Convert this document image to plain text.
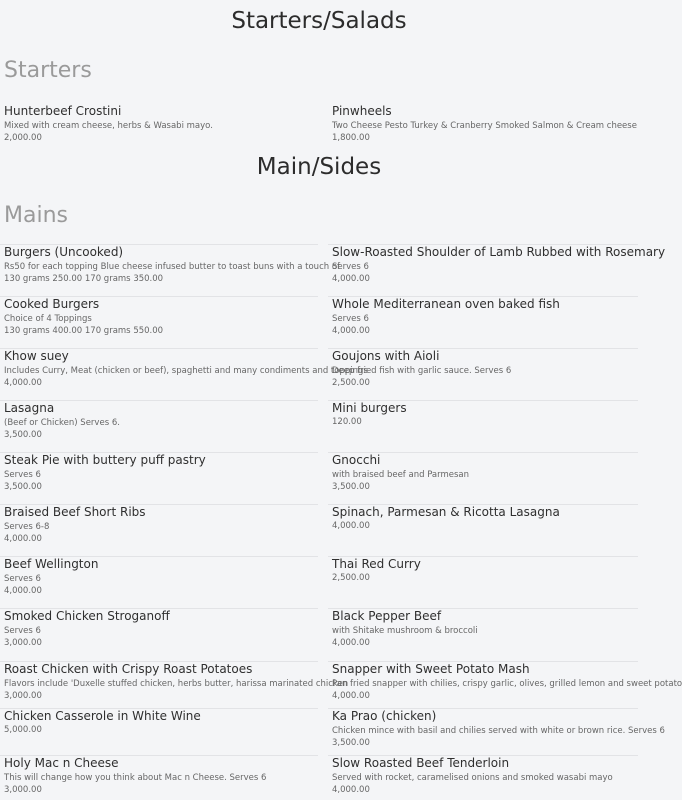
Starters/Salads
Starters
Hunterbeef Crostini
Mixed with cream cheese, herbs & Wasabi mayo.
2,000.00
Pinwheels
Two Cheese Pesto Turkey & Cranberry Smoked Salmon & Cream cheese
1,800.00
Main/Sides
Mains
Burgers (Uncooked)
Rs50 for each topping Blue cheese infused butter to toast buns with a touch of
130 grams 250.00 170 grams 350.00
Cooked Burgers
Choice of 4 Toppings
130 grams 400.00 170 grams 550.00
Khow suey
Includes Curry, Meat (chicken or beef), spaghetti and many condiments and toppings
4,000.00
Lasagna
(Beef or Chicken) Serves 6.
3,500.00
Steak Pie with buttery puff pastry
Serves 6
3,500.00
Braised Beef Short Ribs
Serves 6-8
4,000.00
Beef Wellington
Serves 6
4,000.00
Smoked Chicken Stroganoff
Serves 6
3,000.00
Roast Chicken with Crispy Roast Potatoes
Flavors include 'Duxelle stuffed chicken, herbs butter, harissa marinated chicken
3,000.00
Chicken Casserole in White Wine
5,000.00
Holy Mac n Cheese
This will change how you think about Mac n Cheese. Serves 6
3,000.00
Slow-Roasted Shoulder of Lamb Rubbed with Rosemary
Serves 6
4,000.00
Whole Mediterranean oven baked fish
Serves 6
4,000.00
Goujons with Aioli
Deep fried fish with garlic sauce. Serves 6
2,500.00
Mini burgers
120.00
Gnocchi
with braised beef and Parmesan
3,500.00
Spinach, Parmesan & Ricotta Lasagna
4,000.00
Thai Red Curry
2,500.00
Black Pepper Beef
with Shitake mushroom & broccoli
4,000.00
Snapper with Sweet Potato Mash
Pan fried snapper with chilies, crispy garlic, olives, grilled lemon and sweet potato
4,000.00
Ka Prao (chicken)
Chicken mince with basil and chilies served with white or brown rice. Serves 6
3,500.00
Slow Roasted Beef Tenderloin
Served with rocket, caramelised onions and smoked wasabi mayo
4,000.00
